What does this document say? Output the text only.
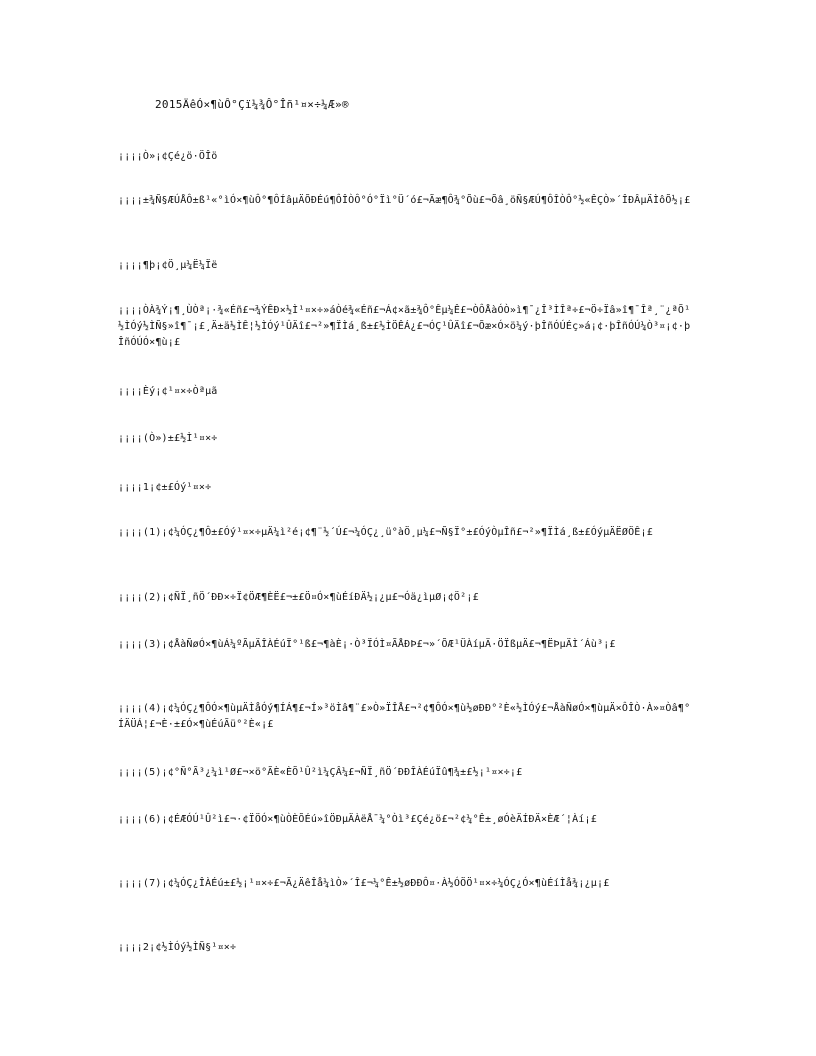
2015ÄêÓ×¶ùÔ°Çï¼¾Ô°Îñ¹¤×÷¼Æ»®
¡¡¡¡Ò»¡¢Çé¿ö·ÖÎö
¡¡¡¡±¾Ñ§ÆÚÅÔ±ß¹«°ìÓ×¶ùÔ°¶ÔÍâµÄÕÐÉú¶ÔÎÒÔ°Ó°Ïì°Ü´ó£¬Ãæ¶Ô¾°Õù£¬Õâ¸öÑ§ÆÚ¶ÔÎÒÔ°½«ÊÇÒ»´ÎÐÂµÄÌôÕ½¡£
¡¡¡¡¶þ¡¢Ö¸µ¼Ë¼Ïë
¡¡¡¡ÒÀ¾Ý¡¶¸ÙÒª¡·¾«Éñ£¬¾ÝÊÐ×½Ì¹¤×÷»áÒé¾«Éñ£¬Á¢×ã±¾Ô°Êµ¼Ê£¬ÒÔÅàÓÒ»ì¶¯¿Î³ÌÎª÷£¬Ö÷Ïâ»î¶¯Îª¸¨¿ªÕ¹½ÌÓý½ÌÑ§»î¶¯¡£¸Ä±ä½ÌÊ¦½ÌÓý¹ÛÄî£¬²»¶ÏÌá¸ß±£½ÌÖÊÁ¿£¬ÓÇ¹ÛÄî£¬Õæ×Ó×ö¼ý·þÎñÓÚÉç»á¡¢·þÎñÓÚ¼Ò³¤¡¢·þÎñÓÚÓ×¶ù¡£
¡¡¡¡Èý¡¢¹¤×÷Òªµã
¡¡¡¡(Ò»)±£½Ì¹¤×÷
¡¡¡¡1¡¢±£Óý¹¤×÷
¡¡¡¡(1)¡¢¼ÓÇ¿¶Ô±£Óý¹¤×÷µÄ¼ì²é¡¢¶¨½´Ú£¬¼ÓÇ¿¸ü°àÖ¸µ¼£¬Ñ§Ï°±£ÓýÒµÎñ£¬²»¶ÏÌá¸ß±£ÓýµÄËØÖÊ¡£
¡¡¡¡(2)¡¢ÑÏ¸ñÖ´ÐÐ×÷Ï¢ÖÆ¶ÈË£¬±£Ö¤Ó×¶ùÉíÐÄ½¡¿µ£¬Óä¿ìµØ¡¢Ö²¡£
¡¡¡¡(3)¡¢ÅàÑøÓ×¶ùÁ¼ºÃµÄÎÀÉúÏ°¹ß£¬¶àÈ¡·Ò³ÏÓÌ¤ÃÅÐÞ£¬»´ÕÆ¹ÜÀíµÄ·ÖÏßµÄ£¬¶ËÞµÄÌ´Áù³¡£
¡¡¡¡(4)¡¢¼ÓÇ¿¶ÔÓ×¶ùµÄÌåÓý¶ÍÁ¶£¬Í»³öÌâ¶¨£»Ò»ÏÎÅ£¬²¢¶ÔÓ×¶ù½øÐÐ°²È«½ÌÓý£¬ÅàÑøÓ×¶ùµÄ×ÔÎÒ·À»¤Òâ¶°ÍÄÜÁ¦£¬È·±£Ó×¶ùÉúÃü°²È«¡£
¡¡¡¡(5)¡¢°Ñ°Ã³¿¼ì¹Ø£¬×ö°ÃÈ«ÈÕ¹Û²ì¼ÇÂ¼£¬ÑÏ¸ñÖ´ÐÐÎÀÉúÏû¶¾±£½¡¹¤×÷¡£
¡¡¡¡(6)¡¢ÉÆÓÚ¹Û²ì£¬·¢ÏÖÓ×¶ùÒÈÕÉú»îÖÐµÄÀëÅ¯¼°Òì³£Çé¿ö£¬²¢¼°Ê±¸øÓèÄÍÐÄ×ÈÆ´¦Àí¡£
¡¡¡¡(7)¡¢¼ÓÇ¿ÎÀÉú±£½¡¹¤×÷£¬Ã¿ÄêÎå¼ìÒ»´Î£¬¼°Ê±½øÐÐÔ¤·À½ÓÖÖ¹¤×÷¼ÓÇ¿Ó×¶ùÉíÌå¾¡¿µ¡£
¡¡¡¡2¡¢½ÌÓý½ÌÑ§¹¤×÷
